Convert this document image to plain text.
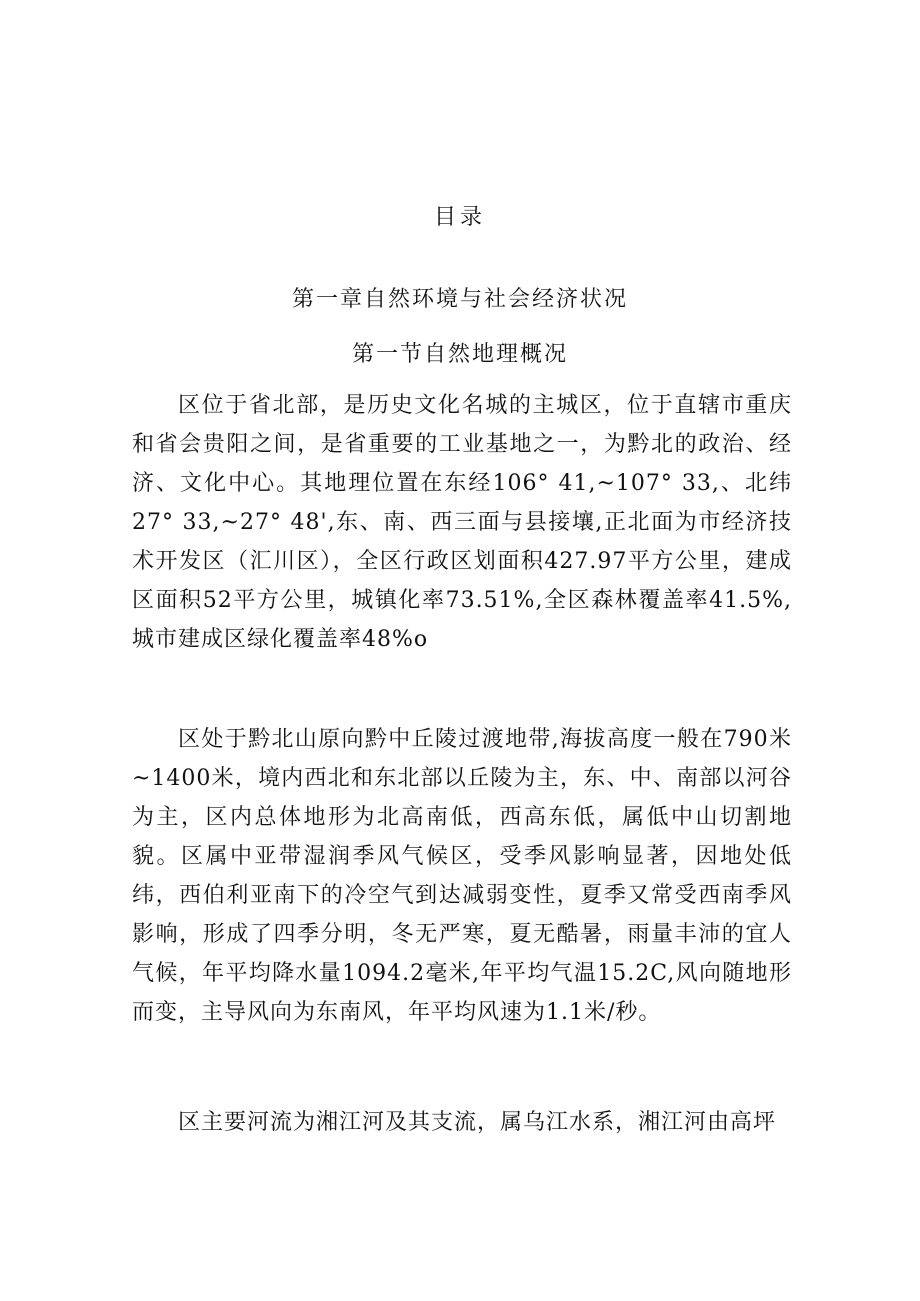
目录
第一章自然环境与社会经济状况
第一节自然地理概况

区位于省北部，是历史文化名城的主城区，位于直辖市重庆和省会贵阳之间，是省重要的工业基地之一，为黔北的政治、经济、文化中心。其地理位置在东经106° 41,~107° 33,、北纬27° 33,~27° 48',东、南、西三面与县接壤,正北面为市经济技术开发区（汇川区），全区行政区划面积427.97平方公里，建成区面积52平方公里，城镇化率73.51%,全区森林覆盖率41.5%,城市建成区绿化覆盖率48%o

区处于黔北山原向黔中丘陵过渡地带,海拔高度一般在790米~1400米，境内西北和东北部以丘陵为主，东、中、南部以河谷为主，区内总体地形为北高南低，西高东低，属低中山切割地貌。区属中亚带湿润季风气候区，受季风影响显著，因地处低纬，西伯利亚南下的冷空气到达减弱变性，夏季又常受西南季风影响，形成了四季分明，冬无严寒，夏无酷暑，雨量丰沛的宜人气候，年平均降水量1094.2毫米,年平均气温15.2C,风向随地形而变，主导风向为东南风，年平均风速为1.1米/秒。

区主要河流为湘江河及其支流，属乌江水系，湘江河由高坪
